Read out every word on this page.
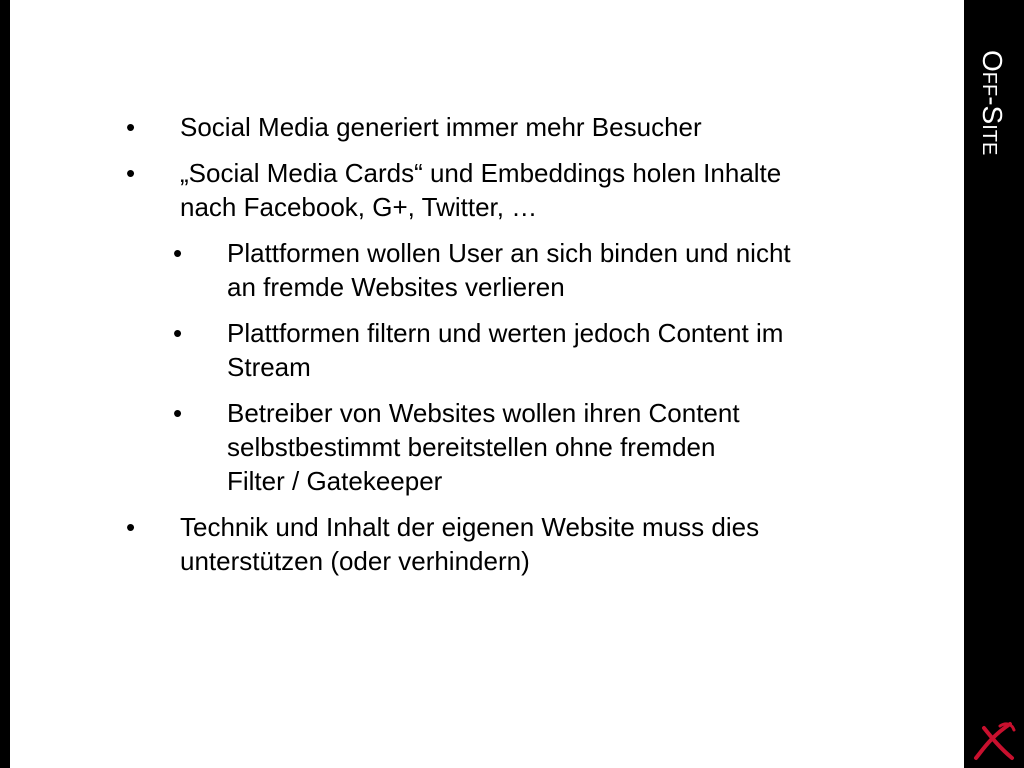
• Social Media generiert immer mehr Besucher
• „Social Media Cards“ und Embeddings holen Inhalte
nach Facebook, G+, Twitter, …
• Plattformen wollen User an sich binden und nicht
an fremde Websites verlieren
• Plattformen filtern und werten jedoch Content im
Stream
• Betreiber von Websites wollen ihren Content
selbstbestimmt bereitstellen ohne fremden
Filter / Gatekeeper
• Technik und Inhalt der eigenen Website muss dies
unterstützen (oder verhindern)
Off-Site
